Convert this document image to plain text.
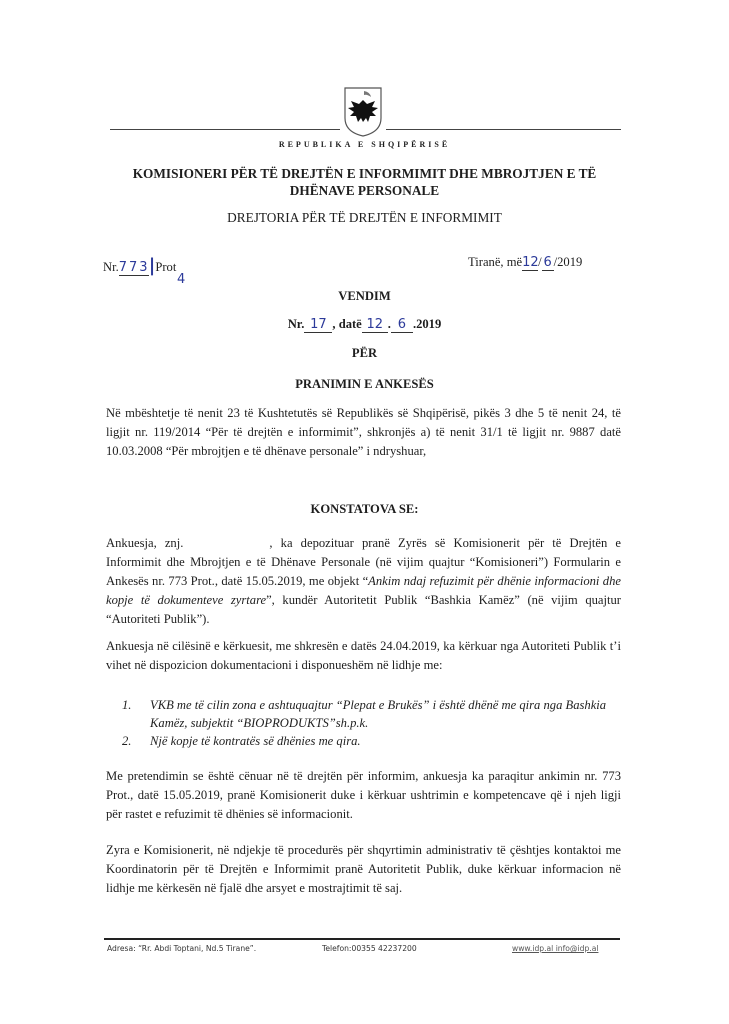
REPUBLIKA E SHQIPËRISË
KOMISIONERI PËR TË DREJTËN E INFORMIMIT DHE MBROJTJEN E TË
DHËNAVE PERSONALE
DREJTORIA PËR TË DREJTËN E INFORMIMIT
Nr.773|Prot
4
Tiranë, më12/ 6 /2019
VENDIM
Nr. 17 , datë 12 . 6 .2019
PËR
PRANIMIN E ANKESËS
Në mbështetje të nenit 23 të Kushtetutës së Republikës së Shqipërisë, pikës 3 dhe 5 të nenit 24, të ligjit nr. 119/2014 “Për të drejtën e informimit”, shkronjës a) të nenit 31/1 të ligjit nr. 9887 datë 10.03.2008 “Për mbrojtjen e të dhënave personale” i ndryshuar,
KONSTATOVA SE:
Ankuesja, znj.	, ka depozituar pranë Zyrës së Komisionerit për të Drejtën e Informimit dhe Mbrojtjen e të Dhënave Personale (në vijim quajtur “Komisioneri”) Formularin e Ankesës nr. 773 Prot., datë 15.05.2019, me objekt “Ankim ndaj refuzimit për dhënie informacioni dhe kopje të dokumenteve zyrtare”, kundër Autoritetit Publik “Bashkia Kamëz” (në vijim quajtur “Autoriteti Publik”).
Ankuesja në cilësinë e kërkuesit, me shkresën e datës 24.04.2019, ka kërkuar nga Autoriteti Publik t’i vihet në dispozicion dokumentacioni i disponueshëm në lidhje me:
1. VKB me të cilin zona e ashtuquajtur “Plepat e Brukës” i është dhënë me qira nga Bashkia Kamëz, subjektit “BIOPRODUKTS”sh.p.k.
2. Një kopje të kontratës së dhënies me qira.
Me pretendimin se është cënuar në të drejtën për informim, ankuesja ka paraqitur ankimin nr. 773 Prot., datë 15.05.2019, pranë Komisionerit duke i kërkuar ushtrimin e kompetencave që i njeh ligji për rastet e refuzimit të dhënies së informacionit.
Zyra e Komisionerit, në ndjekje të procedurës për shqyrtimin administrativ të çështjes kontaktoi me Koordinatorin për të Drejtën e Informimit pranë Autoritetit Publik, duke kërkuar informacion në lidhje me kërkesën në fjalë dhe arsyet e mostrajtimit të saj.
Adresa: “Rr. Abdi Toptani, Nd.5 Tirane”.	Telefon:00355 42237200	www.idp.al info@idp.al
